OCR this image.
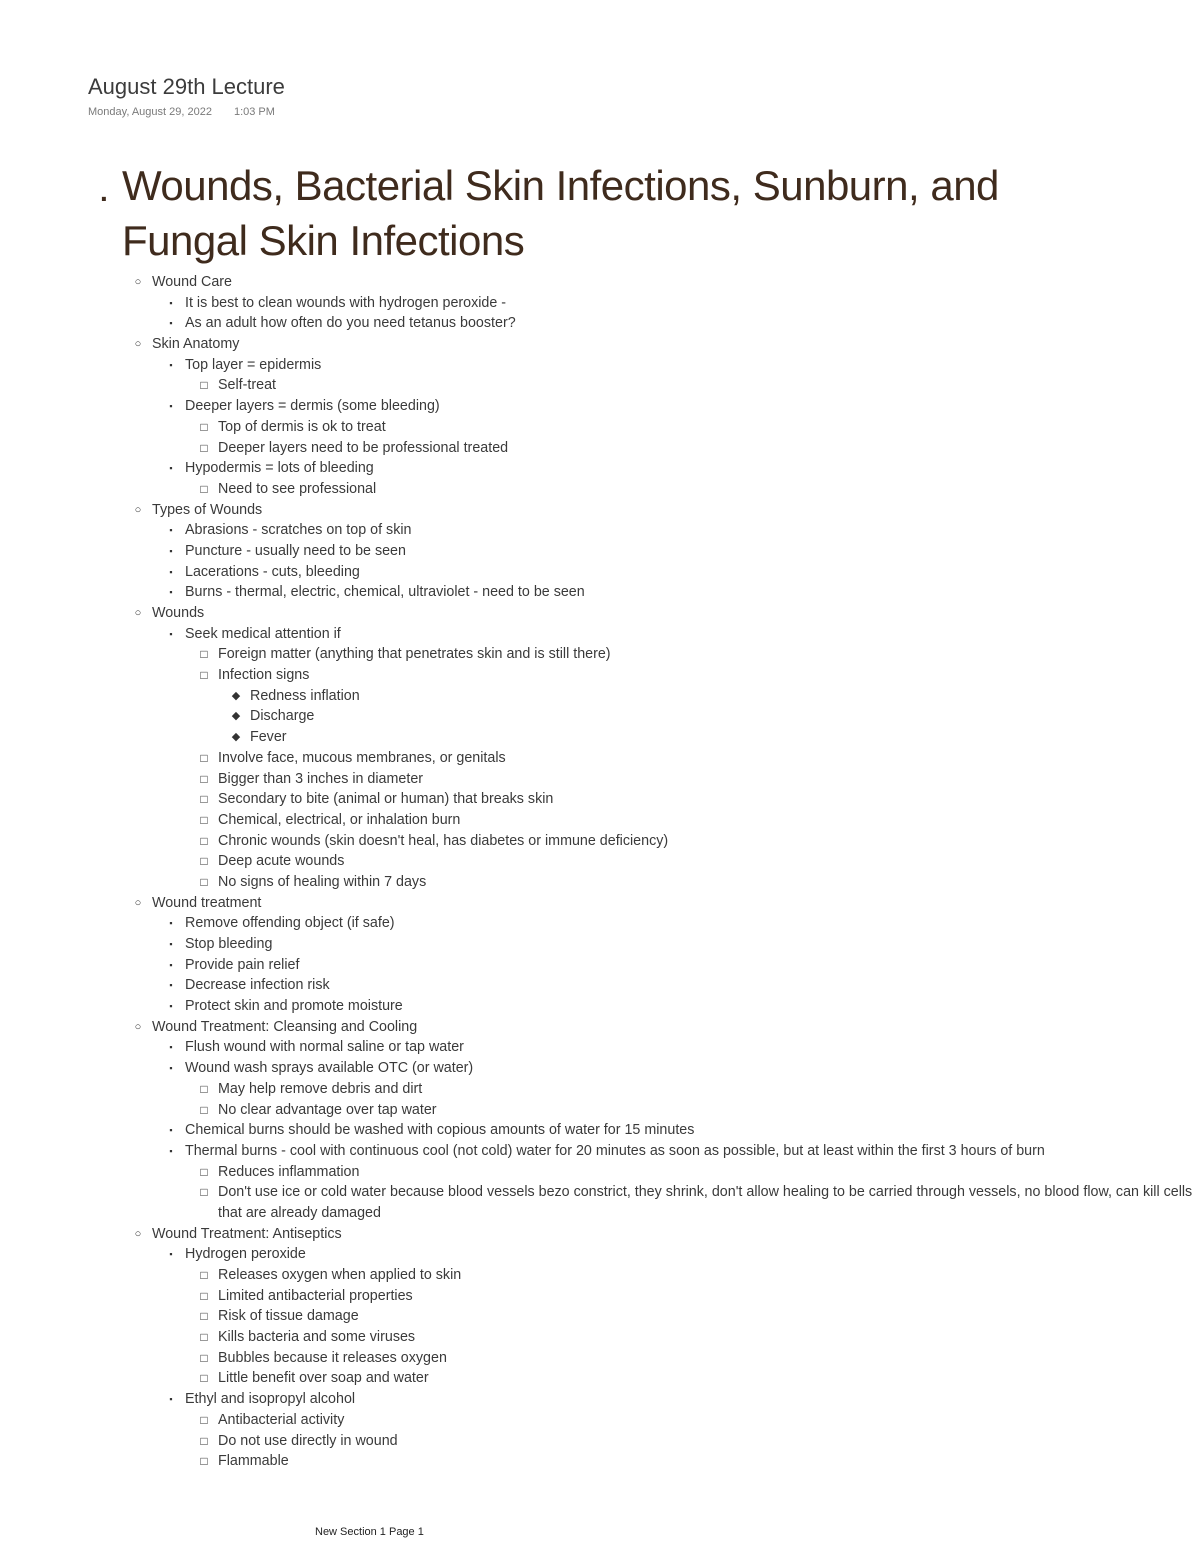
August 29th Lecture
Monday, August 29, 2022 1:03 PM
. Wounds, Bacterial Skin Infections, Sunburn, and Fungal Skin Infections
○ Wound Care
▪ It is best to clean wounds with hydrogen peroxide -
▪ As an adult how often do you need tetanus booster?
○ Skin Anatomy
▪ Top layer = epidermis
□ Self-treat
▪ Deeper layers = dermis (some bleeding)
□ Top of dermis is ok to treat
□ Deeper layers need to be professional treated
▪ Hypodermis = lots of bleeding
□ Need to see professional
○ Types of Wounds
▪ Abrasions - scratches on top of skin
▪ Puncture - usually need to be seen
▪ Lacerations - cuts, bleeding
▪ Burns - thermal, electric, chemical, ultraviolet - need to be seen
○ Wounds
▪ Seek medical attention if
□ Foreign matter (anything that penetrates skin and is still there)
□ Infection signs
◆ Redness inflation
◆ Discharge
◆ Fever
□ Involve face, mucous membranes, or genitals
□ Bigger than 3 inches in diameter
□ Secondary to bite (animal or human) that breaks skin
□ Chemical, electrical, or inhalation burn
□ Chronic wounds (skin doesn't heal, has diabetes or immune deficiency)
□ Deep acute wounds
□ No signs of healing within 7 days
○ Wound treatment
▪ Remove offending object (if safe)
▪ Stop bleeding
▪ Provide pain relief
▪ Decrease infection risk
▪ Protect skin and promote moisture
○ Wound Treatment: Cleansing and Cooling
▪ Flush wound with normal saline or tap water
▪ Wound wash sprays available OTC (or water)
□ May help remove debris and dirt
□ No clear advantage over tap water
▪ Chemical burns should be washed with copious amounts of water for 15 minutes
▪ Thermal burns - cool with continuous cool (not cold) water for 20 minutes as soon as possible, but at least within the first 3 hours of burn
□ Reduces inflammation
□ Don't use ice or cold water because blood vessels bezo constrict, they shrink, don't allow healing to be carried through vessels, no blood flow, can kill cells that are already damaged
○ Wound Treatment: Antiseptics
▪ Hydrogen peroxide
□ Releases oxygen when applied to skin
□ Limited antibacterial properties
□ Risk of tissue damage
□ Kills bacteria and some viruses
□ Bubbles because it releases oxygen
□ Little benefit over soap and water
▪ Ethyl and isopropyl alcohol
□ Antibacterial activity
□ Do not use directly in wound
□ Flammable
New Section 1 Page 1
